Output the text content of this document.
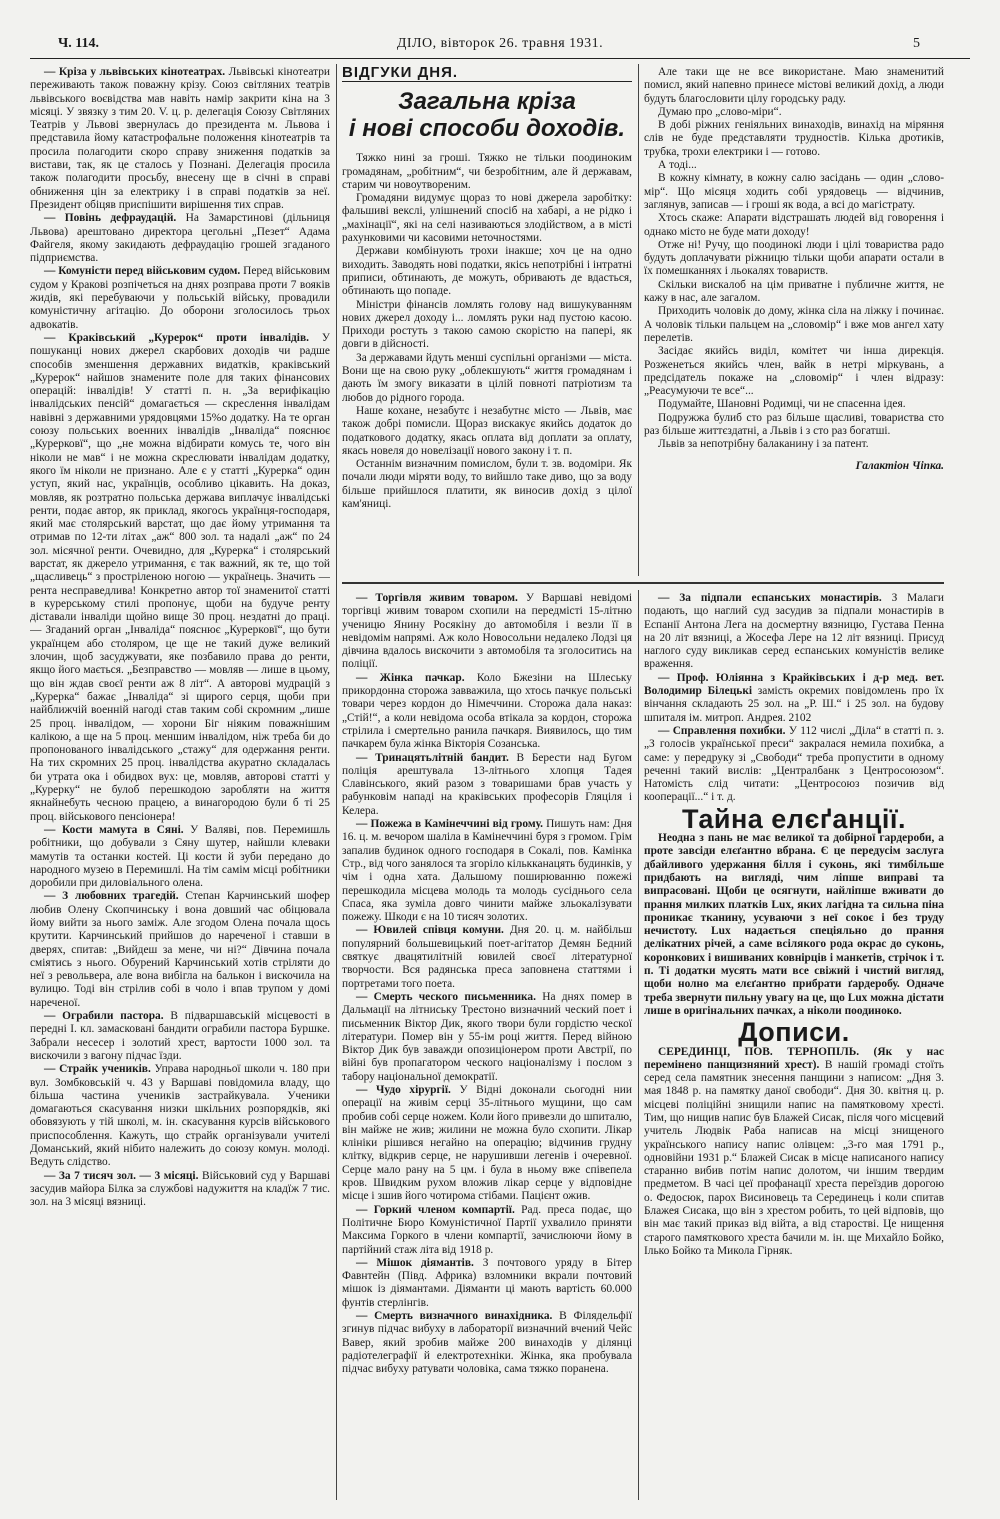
Ч. 114.	ДІЛО, вівторок 26. травня 1931.	5

— Кріза у львівських кінотеатрах. Львівські кінотеатри переживають також поважну крізу. Союз світляних театрів львівського воєвідства мав навіть намір закрити кіна на 3 місяці. У звязку з тим 20. V. ц. р. делегація Союзу Світляних Театрів у Львові звернулась до президента м. Львова і представила йому катастрофальне положення кінотеатрів та просила полагодити скоро справу зниження податків за вистави, так, як це сталось у Познані. Делегація просила також полагодити просьбу, внесену ще в січні в справі обниження цін за електрику і в справі податків за неї. Президент обіцяв приспішити вирішення тих справ.

— Повінь дефраудацій. На Замарстинові (дільниця Львова) арештовано директора цегольні „Пезет“ Адама Файгеля, якому закидають дефраудацію грошей згаданого підприємства.

— Комуністи перед військовим судом. Перед військовим судом у Кракові розпічеться на днях розправа проти 7 вояків жидів, які перебуваючи у польській війську, провадили комуністичну агітацію. До оборони зголосилось трьох адвокатів.

— Краківський „Курерок“ проти інвалідів. У пошуканці нових джерел скарбових доходів чи радше способів зменшення державних видатків, краківський „Курерок“ найшов знамените поле для таких фінансових операцій: інвалідів! У статті п. н. „За верифікацію інвалідських пенсій“ домагається — скреслення інвалідам навівні з державними урядовцями 15%о додатку. На те орган союзу польських военних інвалідів „Інваліда“ пояснює „Курерковї“, що „не можна відбирати комусь те, чого він ніколи не мав“ і не можна скреслювати інвалідам додатку, якого їм ніколи не признано. Але є у статті „Курерка“ один уступ, який нас, українців, особливо цікавить. На доказ, мовляв, як розтратно польська держава виплачує інвалідські ренти, подає автор, як приклад, якогось українця-господаря, який має столярський варстат, що дає йому утримання та отримав по 12-ти літах „аж“ 800 зол. та надалі „аж“ по 24 зол. місячної ренти. Очевидно, для „Курерка“ і столярський варстат, як джерело утримання, є так важний, як те, що той „щасливець“ з простріленою ногою — українець. Значить — рента несправедлива! Конкретно автор тої знаменитої статті в курерському стилі пропонує, щоби на будуче ренту діставали інваліди щойно вище 30 проц. нездатні до праці. — Згаданий орган „Інваліда“ пояснює „Курерковї“, що бути українцем або столяром, це ще не такий дуже великий злочин, щоб засуджувати, яке позбавило права до ренти, якщо його мається. „Безправство — мовляв — лише в цьому, що він ждав своєї ренти аж 8 літ“. А авторові мудрацій з „Курерка“ бажає „Інваліда“ зі щирого серця, щоби при найближчій военній нагоді став таким собі скромним „лише 25 проц. інвалідом, — хорони Біг ніяким поважнішим калікою, а ще на 5 проц. меншим інвалідом, ніж треба би до пропонованого інвалідського „стажу“ для одержання ренти. На тих скромних 25 проц. інвалідства акуратно складалась би утрата ока і обидвох вух: це, мовляв, авторові статті у „Курерку“ не булоб перешкодою заробляти на життя якнайнебуть чесною працею, а винагородою були б ті 25 проц. військового пенсіонера!

— Кости мамута в Сяні. У Валяві, пов. Перемишль робітники, що добували з Сяну шутер, найшли клеваки мамутів та останки костей. Ці кости й зуби передано до народного музею в Перемишлі. На тім самім місці робітники доробили при диловіального олена.

— З любовних трагедій. Степан Карчинський шофер любив Олену Скопчинську і вона довший час обіцювала йому вийти за нього заміж. Але згодом Олена почала щось крутити. Карчинський прийшов до нареченої і ставши в дверях, спитав: „Вийдеш за мене, чи ні?“ Дівчина почала сміятись з нього. Обурений Карчинський хотів стріляти до неї з револьвера, але вона вибігла на балькон і вискочила на вулицю. Тоді він стрілив собі в чоло і впав трупом у домі нареченої.

— Ограбили пастора. В підваршавській місцевості в передні І. кл. замасковані бандити ограбили пастора Буршке. Забрали несесер і золотий хрест, вартости 1000 зол. та вискочили з вагону підчас їзди.

— Страйк учеників. Управа народньої школи ч. 180 при вул. Зомбковській ч. 43 у Варшаві повідомила владу, що більша частина учеників застрайкувала. Ученики домагаються скасування низки шкільних розпорядків, які обовязують у тій школі, м. ін. скасування курсів військового приспособлення. Кажуть, що страйк організували учителі Доманський, який нібито належить до союзу комун. молоді. Ведуть слідство.

— За 7 тисяч зол. — 3 місяці. Військовий суд у Варшаві засудив майора Білка за службові надужиття на кладїж 7 тис. зол. на 3 місяці вязниці.

ВІДГУКИ ДНЯ.
Загальна кріза
і нові способи доходів.

Тяжко нині за гроші. Тяжко не тільки поодиноким громадянам, „робітним“, чи безробітним, але й державам, старим чи новоутвореним.

Громадяни видумує щораз то нові джерела заробітку: фальшиві векслі, улішнений спосіб на хабарі, а не рідко і „махінації“, які на селі називаються злодійством, а в місті рахунковими чи касовими неточностями.

Держави комбінують трохи інакше; хоч це на одно виходить. Заводять нові податки, якісь непотрібні і інтратні приписи, обтинають, де можуть, обривають де вдасться, обтинають що попаде.

Міністри фінансів ломлять голову над вишукуванням нових джерел доходу і... ломлять руки над пустою касою. Приходи ростуть з такою самою скорістю на папері, як довги в дійсності.

За державами йдуть менші суспільні організми — міста. Вони ще на свою руку „облекшують“ життя громадянам і дають їм змогу виказати в цілій повноті патріотизм та любов до рідного города.

Наше кохане, незабутє і незабутнє місто — Львів, має також добрі помисли. Щораз вискакує якийсь додаток до податкового додатку, якась оплата від доплати за оплату, якась новеля до новелізації нового закону і т. п.

Останнім визначним помислом, були т. зв. водоміри. Як почали люди міряти воду, то вийшло таке диво, що за воду більше прийшлося платити, як виносив дохід з цілої кам'яниці.

Але таки ще не все використане. Маю знаменитий помисл, який напевно принесе містові великий дохід, а люди будуть благословити цілу городську раду.

Думаю про „слово-міри“.

В добі ріжних геніяльних винаходів, винахід на міряння слів не буде представляти трудностів. Кілька дротиків, трубка, трохи електрики і — готово.

А тоді...

В кожну кімнату, в кожну салю засідань — один „слово-мір“. Що місяця ходить собі урядовець — відчинив, заглянув, записав — і гроші як вода, а всі до магістрату.

Хтось скаже: Апарати відстрашать людей від говорення і однако місто не буде мати доходу!

Отже ні! Ручу, що поодинокі люди і цілі товариства радо будуть доплачувати ріжницю тільки щоби апарати остали в їх помешканнях і льокалях товариств.

Скільки вискалоб на цім приватне і публичне життя, не кажу в нас, але загалом.

Приходить чоловік до дому, жінка сіла на ліжку і починає. А чоловік тільки пальцем на „словомір“ і вже мов ангел хату перелетів.

Засідає якийсь виділ, комітет чи інша дирекція. Розженеться якийсь член, вайк в нетрі міркувань, а предсідатель покаже на „словомір“ і член відразу: „Реасумуючи те все“...

Подумайте, Шановні Родимці, чи не спасенна ідея.

Подружжа булиб сто раз більше щасливі, товариства сто раз більше життєздатні, а Львів і з сто раз богатші.

Львів за непотрібну балаканину і за патент.

Галактіон Чіпка.

— Торгівля живим товаром. У Варшаві невідомі торгівці живим товаром схопили на передмісті 15-літню ученицю Янину Росякіну до автомобіля і везли її в невідомім напрямі. Аж коло Новосольни недалеко Лодзі ця дівчина вдалось вискочити з автомобіля та зголоситись на поліції.

— Жінка пачкар. Коло Бжезіни на Шлеську прикордонна сторожа завважила, що хтось пачкує польські товари через кордон до Німеччини. Сторожа дала наказ: „Стій!“, а коли невідома особа втікала за кордон, сторожа стрілила і смертельно ранила пачкаря. Виявилось, що тим пачкарем була жінка Вікторія Созанська.

— Тринацятьлітній бандит. В Берести над Бугом поліція арештувала 13-літнього хлопця Тадея Славінського, який разом з товаришами брав участь у рабунковім нападі на краківських професорів Гляціля і Келера.

— Пожежа в Камінеччині від грому. Пишуть нам: Дня 16. ц. м. вечором шаліла в Камінеччині буря з громом. Грім запалив будинок одного господаря в Сокалі, пов. Камінка Стр., від чого занялося та згоріло кількканацять будинків, у чім і одна хата. Дальшому поширюванню пожежі перешкодила місцева молодь та молодь сусіднього села Спаса, яка зуміла довго чинити майже зльокалізувати пожежу. Шкоди є на 10 тисяч золотих.

— Ювилей співця комуни. Дня 20. ц. м. найбільш популярний большевицький поет-агітатор Демян Бедний святкує двацятилітній ювилей своєї літературної творчости. Вся радянська преса заповнена статтями і портретами того поета.

— Смерть ческого письменника. На днях помер в Дальмації на літниську Трестоно визначний ческий поет і письменник Віктор Дик, якого твори були гордістю ческої літератури. Помер він у 55-ім році життя. Перед війною Віктор Дик був заважди опозиціонером проти Австрії, по війні був пропагатором ческого націоналізму і послом з табору національної демократії.

— Чудо хірургії. У Відні доконали сьогодні нии операції на живім серці 35-літнього мущини, що сам пробив собі серце ножем. Коли його привезли до шпиталю, він майже не жив; жилини не можна було схопити. Лікар клініки рішився негайно на операцію; відчинив грудну клітку, відкрив серце, не нарушивши легенів і очеревної. Серце мало рану на 5 цм. і була в ньому вже співепела кров. Швидким рухом вложив лікар серце у відповідне місце і зшив його чотирома стібами. Пацієнт ожив.

— Горкий членом компартії. Рад. преса подає, що Політичне Бюро Комуністичної Партії ухвалило приняти Максима Горкого в члени компартії, зачислюючи йому в партійний стаж літа від 1918 р.

— Мішок діямантів. З почтового уряду в Бітер Фавнтейн (Півд. Африка) взломники вкрали почтовий мішок із діямантами. Діяманти ці мають вартість 60.000 фунтів стерлінгів.

— Смерть визначного винахідника. В Філядельфії згинув підчас вибуху в лабораторії визначний вчений Чейс Вавер, який зробив майже 200 винаходів у ділянці радіотелеграфії й електротехніки. Жінка, яка пробувала підчас вибуху ратувати чоловіка, сама тяжко поранена.

— За підпали еспанських монастирів. З Малаги подають, що наглий суд засудив за підпали монастирів в Еспанії Антона Лега на досмертну вязницю, Густава Пенна на 20 літ вязниці, а Жосефа Лере на 12 літ вязниці. Присуд наглого суду викликав серед еспанських комуністів велике враження.

— Проф. Юліянна з Крайківських і д-р мед. вет. Володимир Білецькі замість окремих повідомлень про їх вінчання складають 25 зол. на „Р. Ш.“ і 25 зол. на будову шпиталя ім. митроп. Андрея. 2102

— Справлення похибки. У 112 числі „Діла“ в статті п. з. „З голосів української преси“ закралася немила похибка, а саме: у передруку зі „Свободи“ треба пропустити в одному реченні такий вислів: „Централбанк з Центросоюзом“. Натомість слід читати: „Центросоюз позичив від кооперації...“ і т. д.

Тайна елєґанції.

Неодна з пань не має великої та добірної гардероби, а проте завсіди елєґантно вбрана. Є це передусім заслуга дбайливого удержання білля і суконь, які тимбільше придбають на вигляді, чим ліпше виправі та випрасовані. Щоби це осягнути, найліпше вживати до прання милких платків Lux, яких лагідна та сильна піна проникає тканину, усуваючи з неї сокоє і без труду нечистоту. Lux надається спеціяльно до прання делікатних річей, а саме всілякого рода окрас до суконь, коронкових і вишиваних ковнірців і манкетів, стрічок і т. п. Ті додатки мусять мати все свіжий і чистий вигляд, щоби нолно ма елєґантно прибрати ґардеробу. Одначе треба звернути пильну увагу на це, що Lux можна дістати лише в оригінальних пачках, а ніколи поодиноко.

Дописи.

СЕРЕДИНЦІ, ПОВ. ТЕРНОПІЛЬ. (Як у нас перемінено панщизняний хрест). В нашій громаді стоїть серед села памятник знесення панщини з написом: „Дня 3. мая 1848 р. на памятку даної свободи“. Дня 30. квітня ц. р. місцеві поліційні знищили напис на памятковому хресті. Тим, що нищив напис був Блажей Сисак, після чого місцевий учитель Людвік Раба написав на місці знищеного українського напису напис олівцем: „3-го мая 1791 р., одновійни 1931 р.“ Блажей Сисак в місце написаного напису старанно вибив потім напис долотом, чи іншим твердим предметом. В часі цеї профанації хреста переїздив дорогою о. Федосюк, парох Висиновець та Серединець і коли спитав Блажея Сисака, що він з хрестом робить, то цей відповів, що він має такий приказ від війта, а від старостві. Це нищення старого памяткового хреста бачили м. ін. ще Михайло Бойко, Ілько Бойко та Микола Гірняк.
